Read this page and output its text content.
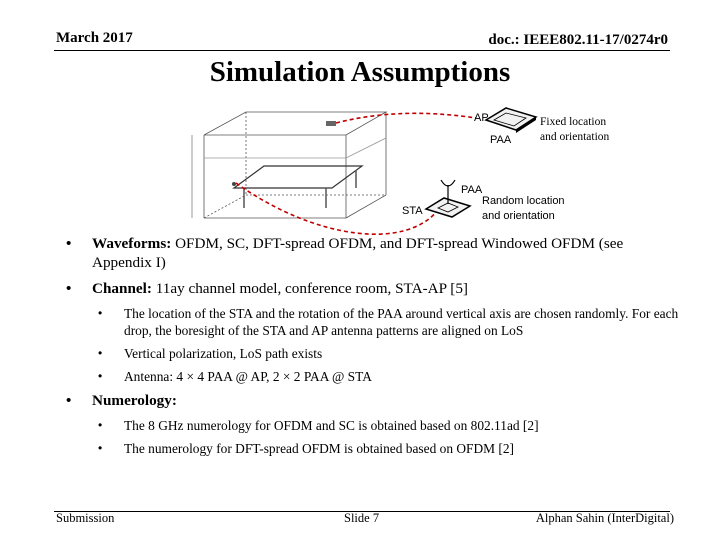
March 2017	doc.: IEEE802.11-17/0274r0
Simulation Assumptions
AP
PAA
Fixed location
and orientation
STA
PAA
Random location
and orientation
• Waveforms: OFDM, SC, DFT-spread OFDM, and DFT-spread Windowed OFDM (see Appendix I)
• Channel: 11ay channel model, conference room, STA-AP [5]
• The location of the STA and the rotation of the PAA around vertical axis are chosen randomly. For each drop, the boresight of the STA and AP antenna patterns are aligned on LoS
• Vertical polarization, LoS path exists
• Antenna: 4 × 4 PAA @ AP, 2 × 2 PAA @ STA
• Numerology:
• The 8 GHz numerology for OFDM and SC is obtained based on 802.11ad [2]
• The numerology for DFT-spread OFDM is obtained based on OFDM [2]
Submission	Slide 7	Alphan Sahin (InterDigital)
